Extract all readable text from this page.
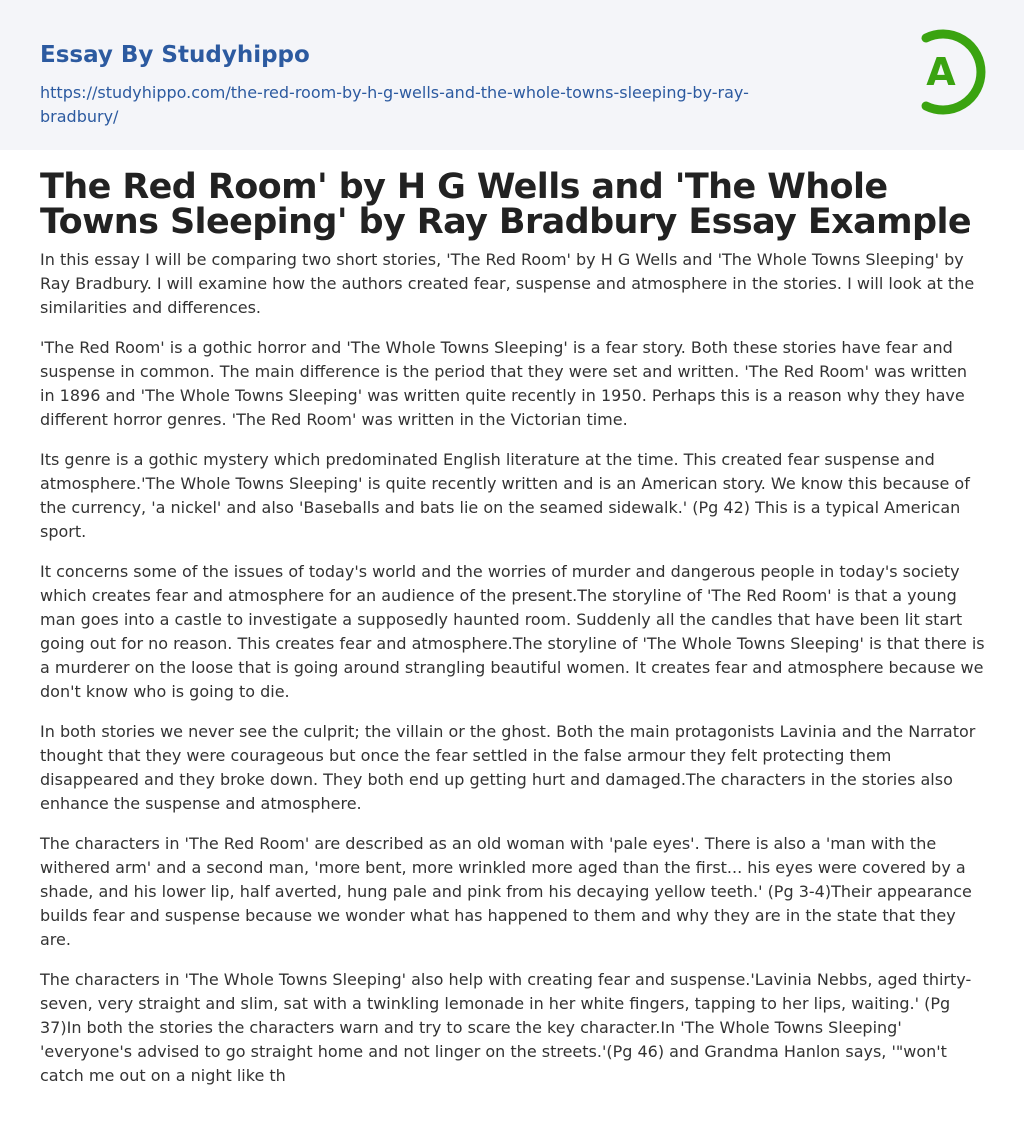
Essay By Studyhippo
https://studyhippo.com/the-red-room-by-h-g-wells-and-the-whole-towns-sleeping-by-ray-bradbury/
A
The Red Room' by H G Wells and 'The Whole Towns Sleeping' by Ray Bradbury Essay Example

In this essay I will be comparing two short stories, 'The Red Room' by H G Wells and 'The Whole Towns Sleeping' by Ray Bradbury. I will examine how the authors created fear, suspense and atmosphere in the stories. I will look at the similarities and differences.

'The Red Room' is a gothic horror and 'The Whole Towns Sleeping' is a fear story. Both these stories have fear and suspense in common. The main difference is the period that they were set and written. 'The Red Room' was written in 1896 and 'The Whole Towns Sleeping' was written quite recently in 1950. Perhaps this is a reason why they have different horror genres. 'The Red Room' was written in the Victorian time.

Its genre is a gothic mystery which predominated English literature at the time. This created fear suspense and atmosphere.'The Whole Towns Sleeping' is quite recently written and is an American story. We know this because of the currency, 'a nickel' and also 'Baseballs and bats lie on the seamed sidewalk.' (Pg 42) This is a typical American sport.

It concerns some of the issues of today's world and the worries of murder and dangerous people in today's society which creates fear and atmosphere for an audience of the present.The storyline of 'The Red Room' is that a young man goes into a castle to investigate a supposedly haunted room. Suddenly all the candles that have been lit start going out for no reason. This creates fear and atmosphere.The storyline of 'The Whole Towns Sleeping' is that there is a murderer on the loose that is going around strangling beautiful women. It creates fear and atmosphere because we don't know who is going to die.

In both stories we never see the culprit; the villain or the ghost. Both the main protagonists Lavinia and the Narrator thought that they were courageous but once the fear settled in the false armour they felt protecting them disappeared and they broke down. They both end up getting hurt and damaged.The characters in the stories also enhance the suspense and atmosphere.

The characters in 'The Red Room' are described as an old woman with 'pale eyes'. There is also a 'man with the withered arm' and a second man, 'more bent, more wrinkled more aged than the first... his eyes were covered by a shade, and his lower lip, half averted, hung pale and pink from his decaying yellow teeth.' (Pg 3-4)Their appearance builds fear and suspense because we wonder what has happened to them and why they are in the state that they are.

The characters in 'The Whole Towns Sleeping' also help with creating fear and suspense.'Lavinia Nebbs, aged thirty-seven, very straight and slim, sat with a twinkling lemonade in her white fingers, tapping to her lips, waiting.' (Pg 37)In both the stories the characters warn and try to scare the key character.In 'The Whole Towns Sleeping' 'everyone's advised to go straight home and not linger on the streets.'(Pg 46) and Grandma Hanlon says, '"won't catch me out on a night like th
